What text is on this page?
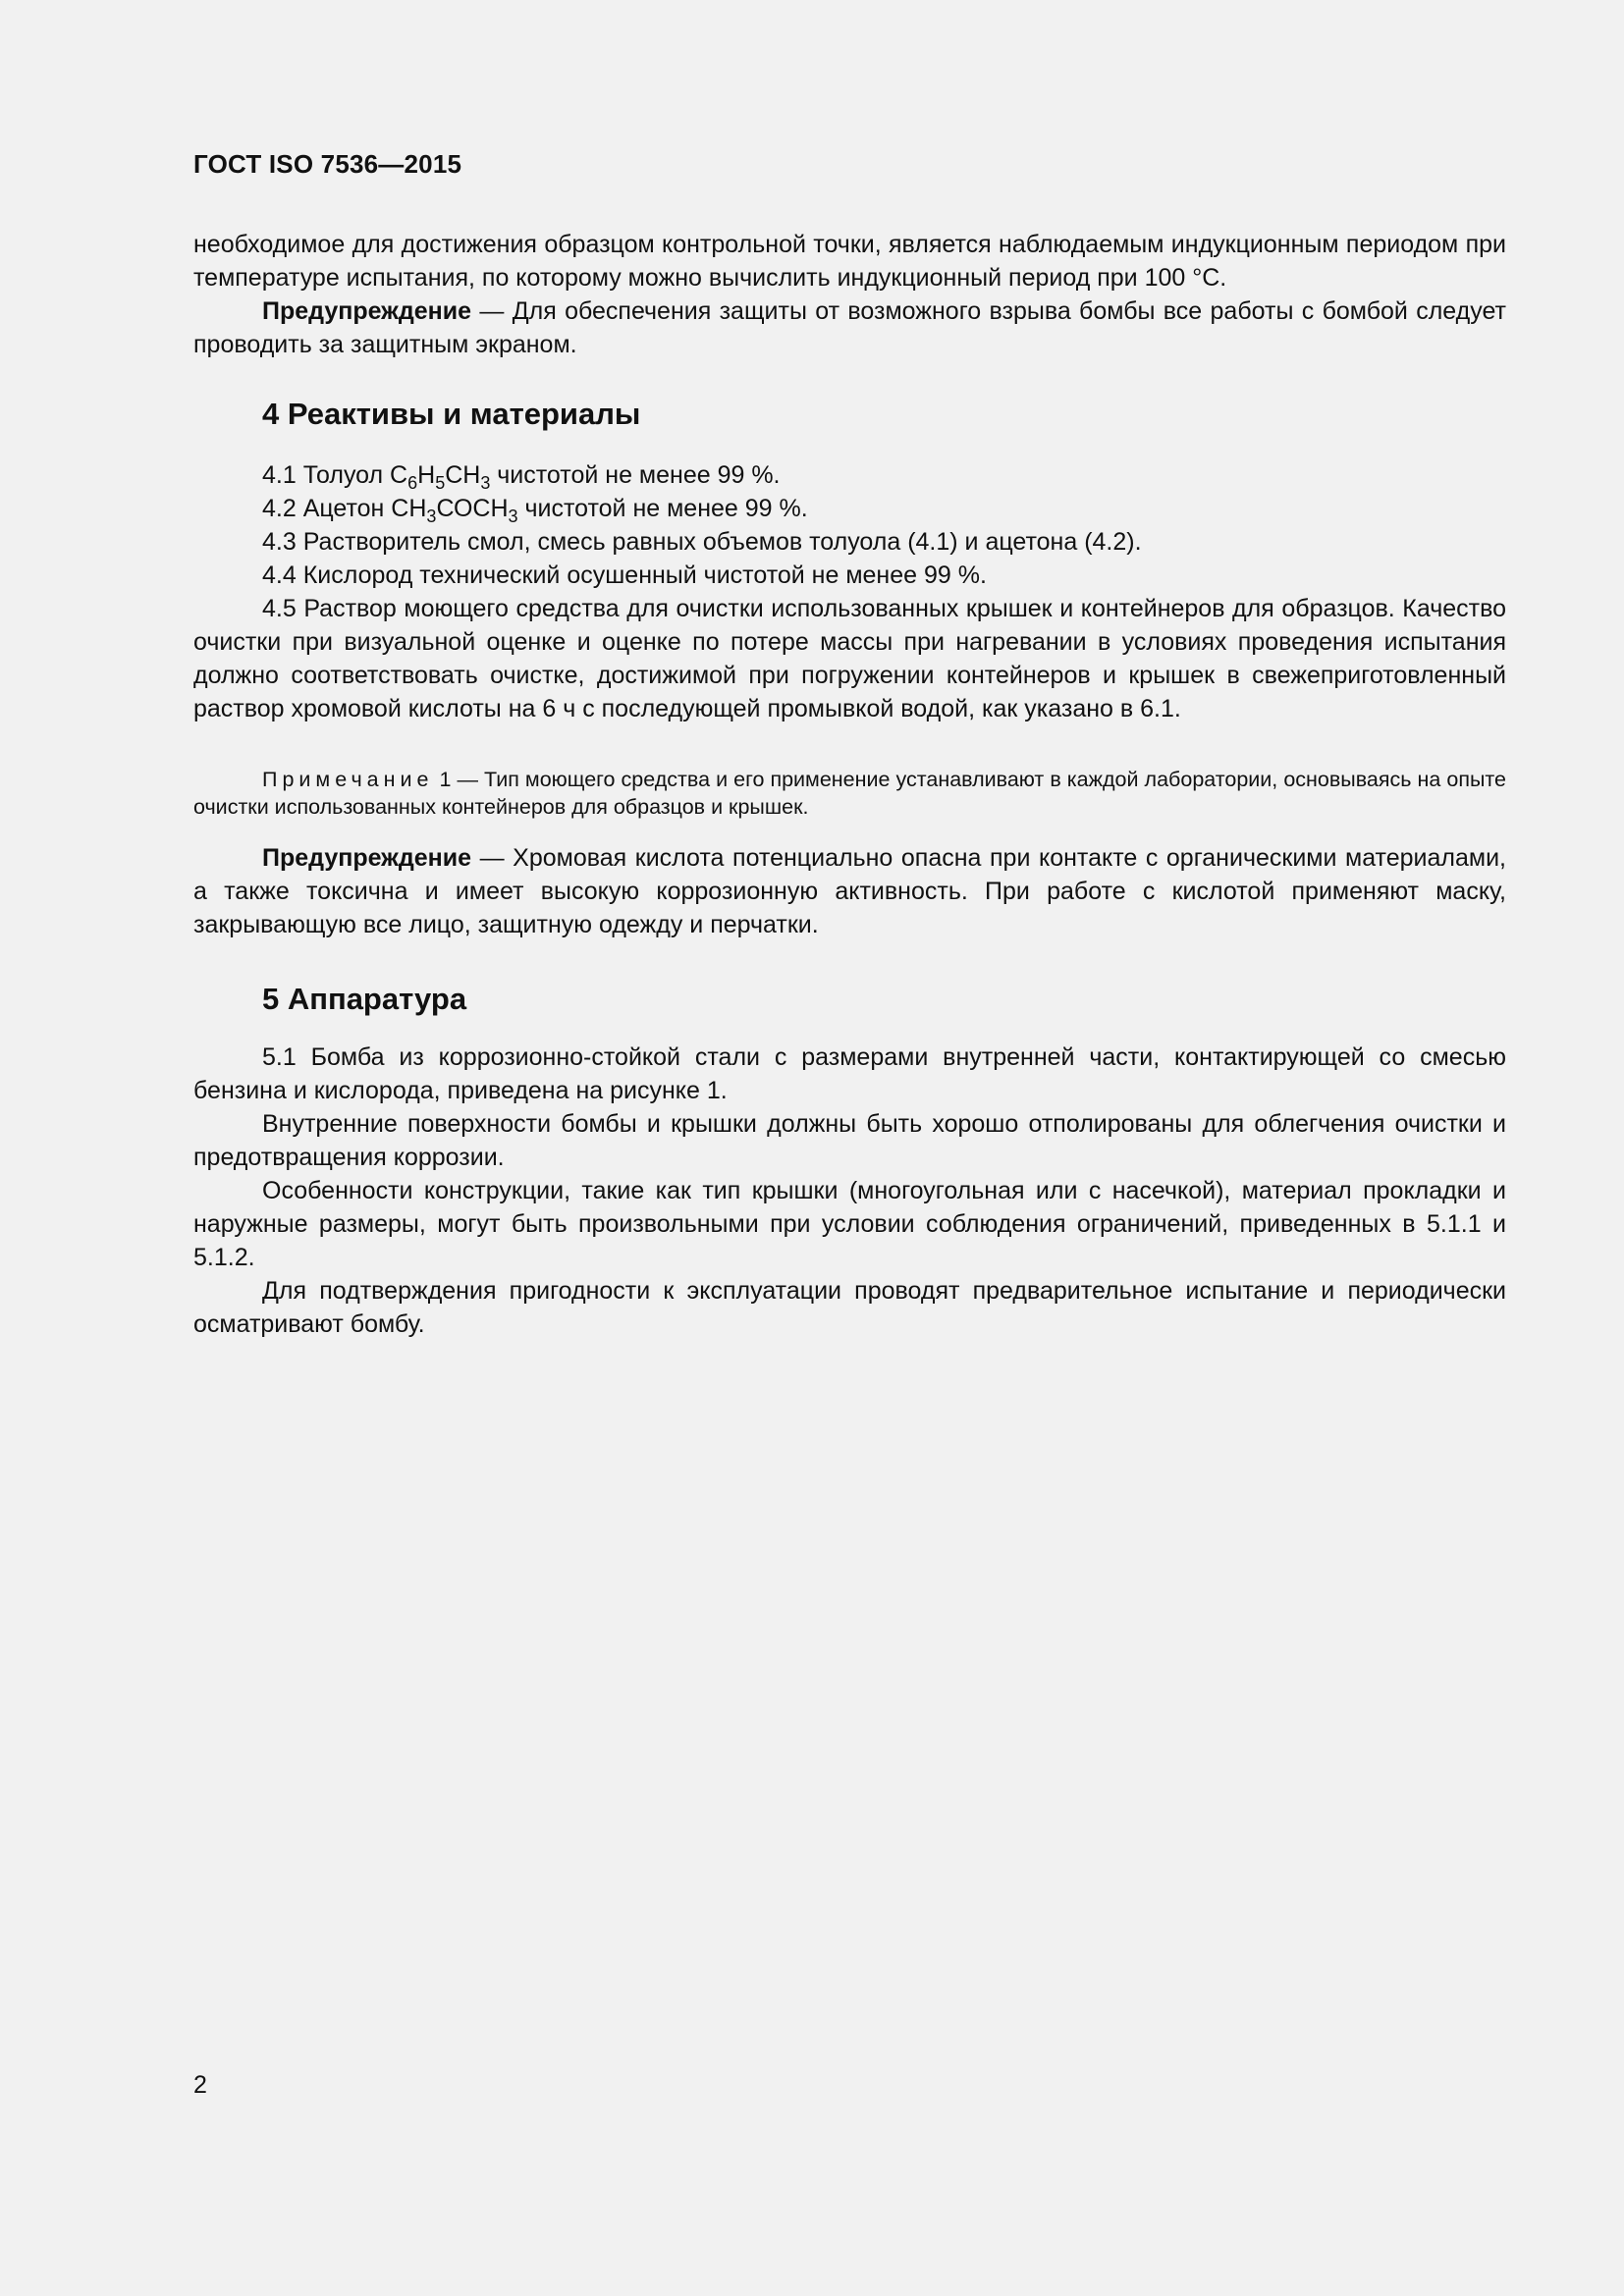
ГОСТ ISO 7536—2015

необходимое для достижения образцом контрольной точки, является наблюдаемым индукционным периодом при температуре испытания, по которому можно вычислить индукционный период при 100 °С.

Предупреждение — Для обеспечения защиты от возможного взрыва бомбы все работы с бомбой следует проводить за защитным экраном.

4 Реактивы и материалы

4.1 Толуол $С_6Н_5СН_3$ чистотой не менее 99 %.

4.2 Ацетон $СН_3СОСН_3$ чистотой не менее 99 %.

4.3 Растворитель смол, смесь равных объемов толуола (4.1) и ацетона (4.2).

4.4 Кислород технический осушенный чистотой не менее 99 %.

4.5 Раствор моющего средства для очистки использованных крышек и контейнеров для образцов. Качество очистки при визуальной оценке и оценке по потере массы при нагревании в условиях проведения испытания должно соответствовать очистке, достижимой при погружении контейнеров и крышек в свежеприготовленный раствор хромовой кислоты на 6 ч с последующей промывкой водой, как указано в 6.1.

Примечание 1 — Тип моющего средства и его применение устанавливают в каждой лаборатории, основываясь на опыте очистки использованных контейнеров для образцов и крышек.

Предупреждение — Хромовая кислота потенциально опасна при контакте с органическими материалами, а также токсична и имеет высокую коррозионную активность. При работе с кислотой применяют маску, закрывающую все лицо, защитную одежду и перчатки.

5 Аппаратура

5.1 Бомба из коррозионно-стойкой стали с размерами внутренней части, контактирующей со смесью бензина и кислорода, приведена на рисунке 1.

Внутренние поверхности бомбы и крышки должны быть хорошо отполированы для облегчения очистки и предотвращения коррозии.

Особенности конструкции, такие как тип крышки (многоугольная или с насечкой), материал прокладки и наружные размеры, могут быть произвольными при условии соблюдения ограничений, приведенных в 5.1.1 и 5.1.2.

Для подтверждения пригодности к эксплуатации проводят предварительное испытание и периодически осматривают бомбу.

2
